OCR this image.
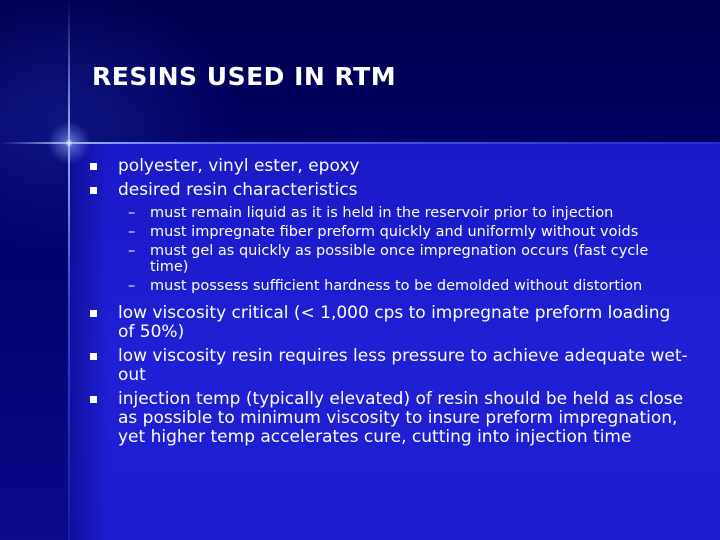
RESINS USED IN RTM
polyester, vinyl ester, epoxy
desired resin characteristics
– must remain liquid as it is held in the reservoir prior to injection
– must impregnate fiber preform quickly and uniformly without voids
– must gel as quickly as possible once impregnation occurs (fast cycle time)
– must possess sufficient hardness to be demolded without distortion
low viscosity critical (< 1,000 cps to impregnate preform loading of 50%)
low viscosity resin requires less pressure to achieve adequate wet-out
injection temp (typically elevated) of resin should be held as close as possible to minimum viscosity to insure preform impregnation, yet higher temp accelerates cure, cutting into injection time
